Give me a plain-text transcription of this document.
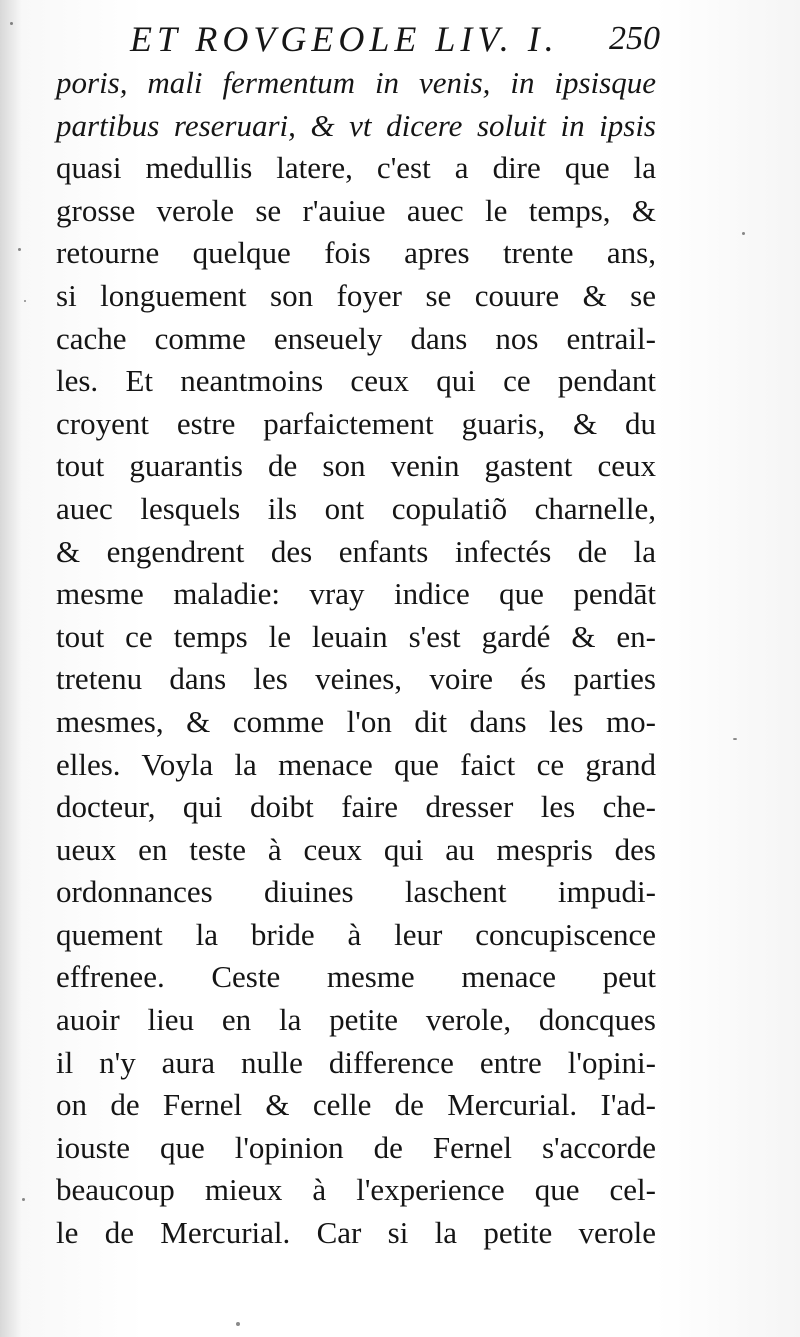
ET ROVGEOLE LIV. I. 250
poris, mali fermentum in venis, in ipsisque
partibus reseruari, & vt dicere soluit in ipsis
quasi medullis latere, c'est a dire que la
grosse verole se r'auiue auec le temps, &
retourne quelque fois apres trente ans,
si longuement son foyer se couure & se
cache comme enseuely dans nos entrail-
les. Et neantmoins ceux qui ce pendant
croyent estre parfaictement guaris, & du
tout guarantis de son venin gastent ceux
auec lesquels ils ont copulatiõ charnelle,
& engendrent des enfants infectés de la
mesme maladie: vray indice que pendāt
tout ce temps le leuain s'est gardé & en-
tretenu dans les veines, voire és parties
mesmes, & comme l'on dit dans les mo-
elles. Voyla la menace que faict ce grand
docteur, qui doibt faire dresser les che-
ueux en teste à ceux qui au mespris des
ordonnances diuines laschent impudi-
quement la bride à leur concupiscence
effrenee. Ceste mesme menace peut
auoir lieu en la petite verole, doncques
il n'y aura nulle difference entre l'opini-
on de Fernel & celle de Mercurial. I'ad-
iouste que l'opinion de Fernel s'accorde
beaucoup mieux à l'experience que cel-
le de Mercurial. Car si la petite verole
